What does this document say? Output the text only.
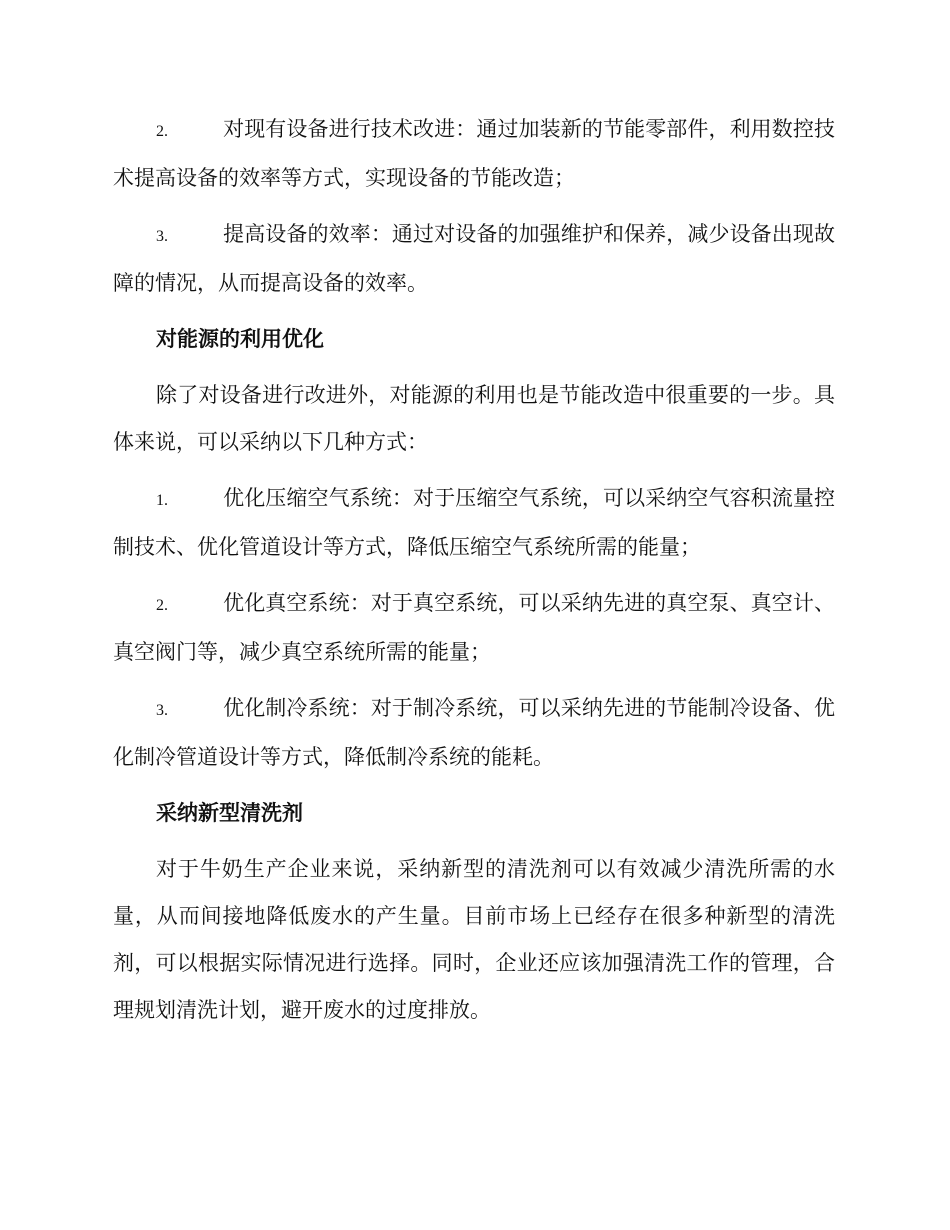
2.	对现有设备进行技术改进：通过加装新的节能零部件，利用数控技术提高设备的效率等方式，实现设备的节能改造；

3.	提高设备的效率：通过对设备的加强维护和保养，减少设备出现故障的情况，从而提高设备的效率。

对能源的利用优化

除了对设备进行改进外，对能源的利用也是节能改造中很重要的一步。具体来说，可以采纳以下几种方式：

1.	优化压缩空气系统：对于压缩空气系统，可以采纳空气容积流量控制技术、优化管道设计等方式，降低压缩空气系统所需的能量；

2.	优化真空系统：对于真空系统，可以采纳先进的真空泵、真空计、真空阀门等，减少真空系统所需的能量；

3.	优化制冷系统：对于制冷系统，可以采纳先进的节能制冷设备、优化制冷管道设计等方式，降低制冷系统的能耗。

采纳新型清洗剂

对于牛奶生产企业来说，采纳新型的清洗剂可以有效减少清洗所需的水量，从而间接地降低废水的产生量。目前市场上已经存在很多种新型的清洗剂，可以根据实际情况进行选择。同时，企业还应该加强清洗工作的管理，合理规划清洗计划，避开废水的过度排放。
